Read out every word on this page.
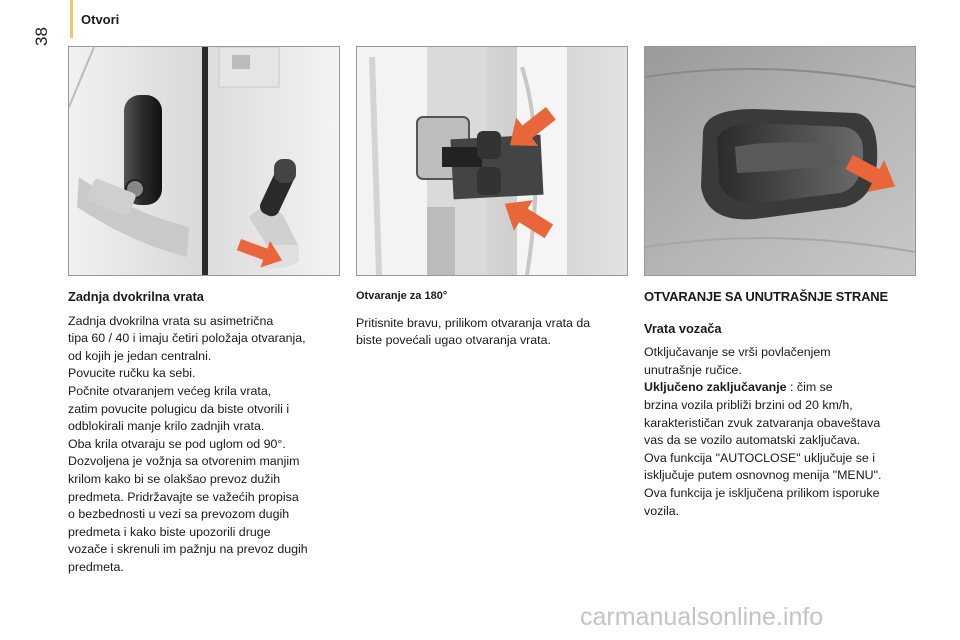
Otvori
38
Zadnja dvokrilna vrata

Zadnja dvokrilna vrata su asimetrična

tipa 60 / 40 i imaju četiri položaja otvaranja,

od kojih je jedan centralni.

Povucite ručku ka sebi.

Počnite otvaranjem većeg krila vrata,

zatim povucite polugicu da biste otvorili i

odblokirali manje krilo zadnjih vrata.

Oba krila otvaraju se pod uglom od 90°.

Dozvoljena je vožnja sa otvorenim manjim

krilom kako bi se olakšao prevoz dužih

predmeta. Pridržavajte se važećih propisa

o bezbednosti u vezi sa prevozom dugih

predmeta i kako biste upozorili druge

vozače i skrenuli im pažnju na prevoz dugih

predmeta.

Otvaranje za 180°

Pritisnite bravu, prilikom otvaranja vrata da

biste povećali ugao otvaranja vrata.

OTVARANJE SA UNUTRAŠNJE STRANE
Vrata vozača

Otključavanje se vrši povlačenjem

unutrašnje ručice.

Uključeno zaključavanje : čim se

brzina vozila približi brzini od 20 km/h,

karakterističan zvuk zatvaranja obaveštava

vas da se vozilo automatski zaključava.

Ova funkcija "AUTOCLOSE" uključuje se i

isključuje putem osnovnog menija "MENU".

Ova funkcija je isključena prilikom isporuke

vozila.

carmanualsonline.info
